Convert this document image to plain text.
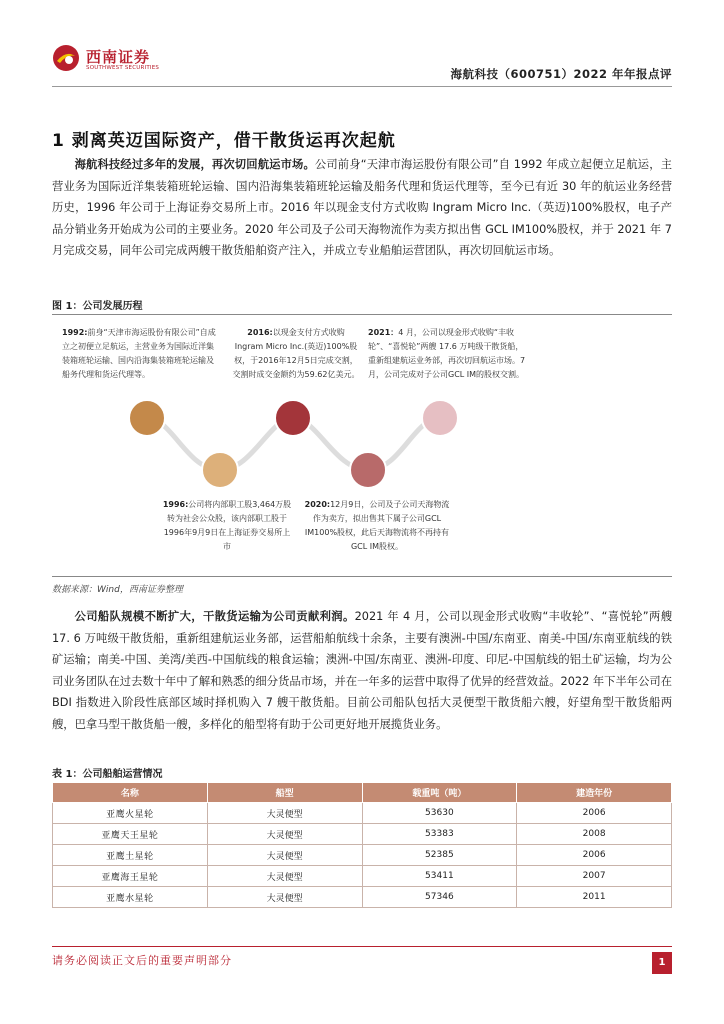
西南证券
SOUTHWEST SECURITIES	海航科技（600751）2022 年年报点评
1 剥离英迈国际资产，借干散货运再次起航
海航科技经过多年的发展，再次切回航运市场。公司前身“天津市海运股份有限公司”自 1992 年成立起便立足航运，主营业务为国际近洋集装箱班轮运输、国内沿海集装箱班轮运输及船务代理和货运代理等，至今已有近 30 年的航运业务经营历史，1996 年公司于上海证券交易所上市。2016 年以现金支付方式收购 Ingram Micro Inc.（英迈)100%股权，电子产品分销业务开始成为公司的主要业务。2020 年公司及子公司天海物流作为卖方拟出售 GCL IM100%股权，并于 2021 年 7 月完成交易，同年公司完成两艘干散货船舶资产注入，并成立专业船舶运营团队，再次切回航运市场。
图 1：公司发展历程
1992:前身“天津市海运股份有限公司”自成立之初便立足航运，主营业务为国际近洋集装箱班轮运输、国内沿海集装箱班轮运输及船务代理和货运代理等。
2016:以现金支付方式收购 Ingram Micro Inc.(英迈)100%股权，于2016年12月5日完成交割，交割时成交金额约为59.62亿美元。
2021：4 月，公司以现金形式收购“丰收轮”、“喜悦轮”两艘 17.6 万吨级干散货船，重新组建航运业务部，再次切回航运市场。7 月，公司完成对子公司GCL IM的股权交割。
1996:公司将内部职工股3,464万股转为社会公众股，该内部职工股于1996年9月9日在上海证券交易所上市
2020:12月9日，公司及子公司天海物流作为卖方，拟出售其下属子公司GCL IM100%股权，此后天海物流将不再持有GCL IM股权。
数据来源：Wind，西南证券整理
公司船队规模不断扩大，干散货运输为公司贡献利润。2021 年 4 月，公司以现金形式收购“丰收轮”、“喜悦轮”两艘 17. 6 万吨级干散货船，重新组建航运业务部，运营船舶航线十余条，主要有澳洲-中国/东南亚、南美-中国/东南亚航线的铁矿运输；南美-中国、美湾/美西-中国航线的粮食运输；澳洲-中国/东南亚、澳洲-印度、印尼-中国航线的铝土矿运输，均为公司业务团队在过去数十年中了解和熟悉的细分货品市场，并在一年多的运营中取得了优异的经营效益。2022 年下半年公司在 BDI 指数进入阶段性底部区域时择机购入 7 艘干散货船。目前公司船队包括大灵便型干散货船六艘，好望角型干散货船两艘，巴拿马型干散货船一艘，多样化的船型将有助于公司更好地开展揽货业务。
表 1：公司船舶运营情况
名称	船型	载重吨（吨）	建造年份
亚鹰火星轮	大灵便型	53630	2006
亚鹰天王星轮	大灵便型	53383	2008
亚鹰土星轮	大灵便型	52385	2006
亚鹰海王星轮	大灵便型	53411	2007
亚鹰水星轮	大灵便型	57346	2011
请务必阅读正文后的重要声明部分	1
